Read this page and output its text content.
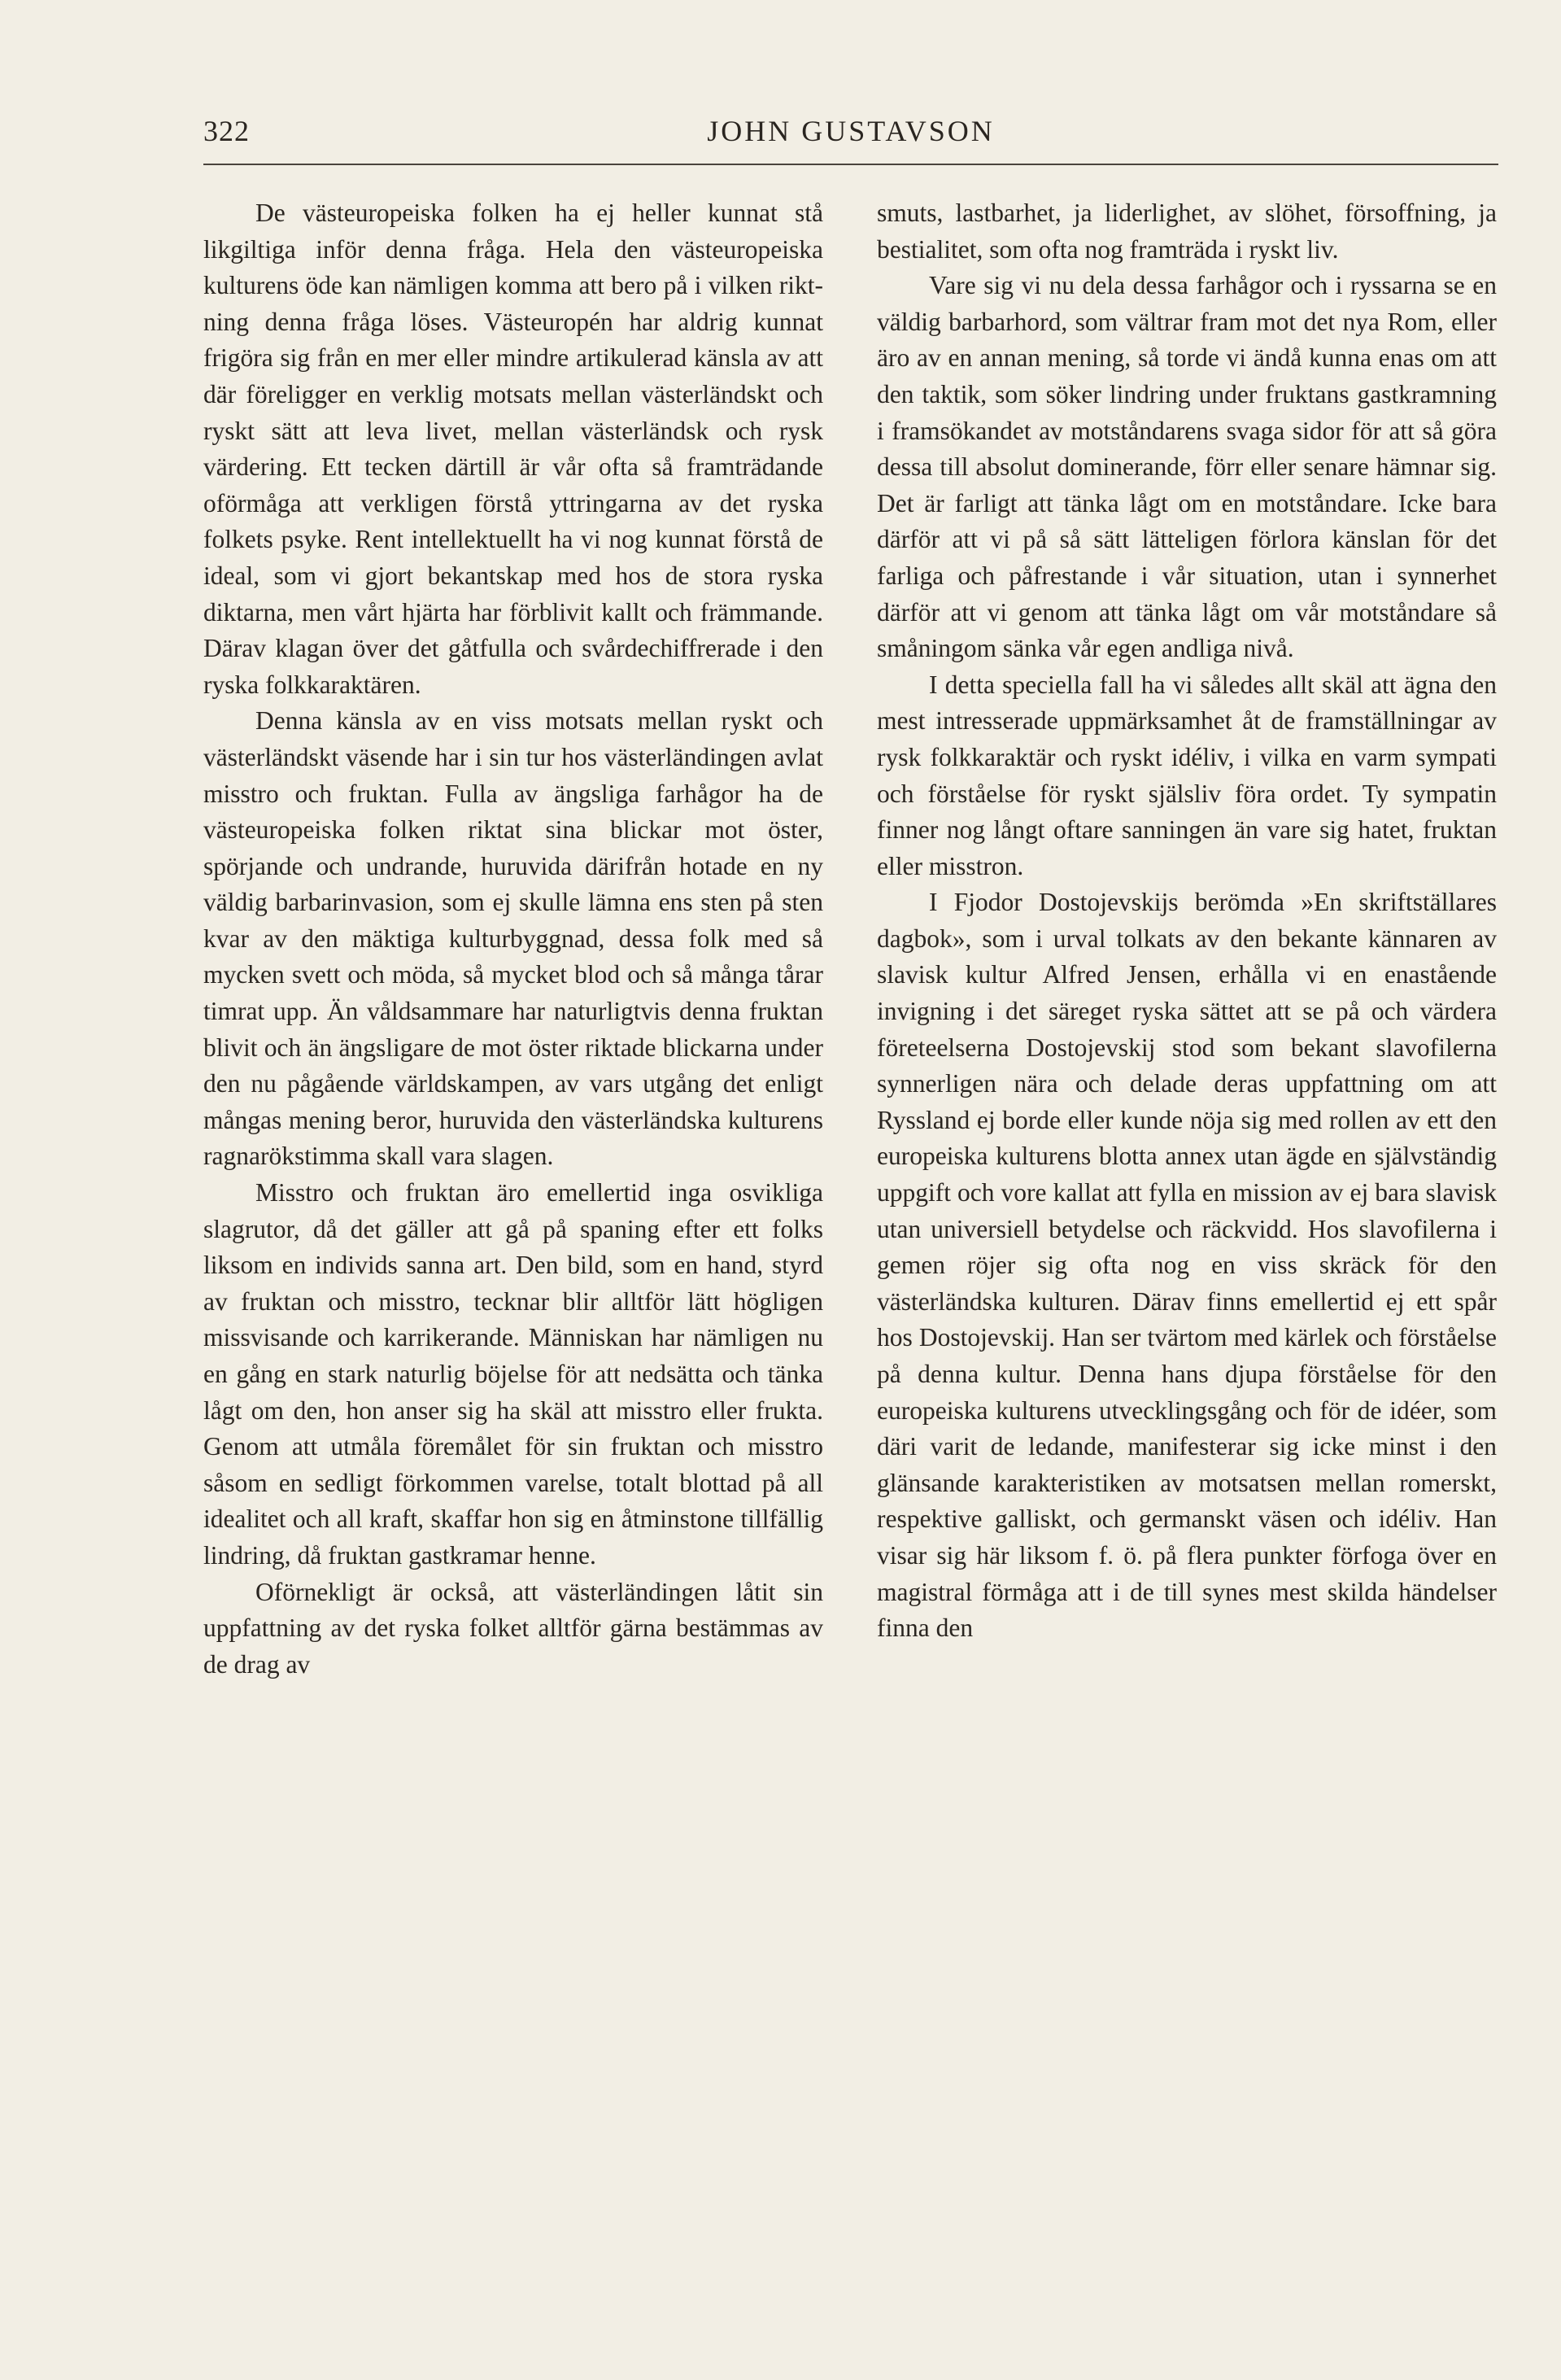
322	JOHN GUSTAVSON

De västeuropeiska folken ha ej heller kunnat stå likgiltiga inför denna fråga. Hela den västeuropeiska kulturens öde kan nämligen komma att bero på i vilken riktning denna fråga löses. Västeuropén har aldrig kunnat frigöra sig från en mer eller mindre artikulerad känsla av att där föreligger en verklig motsats mellan västerländskt och ryskt sätt att leva livet, mellan västerländsk och rysk värdering. Ett tecken därtill är vår ofta så framträdande oförmåga att verkligen förstå yttringarna av det ryska folkets psyke. Rent intellektuellt ha vi nog kunnat förstå de ideal, som vi gjort bekantskap med hos de stora ryska diktarna, men vårt hjärta har förblivit kallt och främmande. Därav klagan över det gåtfulla och svårdechiffrerade i den ryska folkkaraktären.

Denna känsla av en viss motsats mellan ryskt och västerländskt väsende har i sin tur hos västerländingen avlat misstro och fruktan. Fulla av ängsliga farhågor ha de västeuropeiska folken riktat sina blickar mot öster, spörjande och undrande, huruvida därifrån hotade en ny väldig barbarinvasion, som ej skulle lämna ens sten på sten kvar av den mäktiga kulturbyggnad, dessa folk med så mycken svett och möda, så mycket blod och så många tårar timrat upp. Än våldsammare har naturligtvis denna fruktan blivit och än ängsligare de mot öster riktade blickarna under den nu pågående världskampen, av vars utgång det enligt mångas mening beror, huruvida den västerländska kulturens ragnarökstimma skall vara slagen.

Misstro och fruktan äro emellertid inga osvikliga slagrutor, då det gäller att gå på spaning efter ett folks liksom en individs sanna art. Den bild, som en hand, styrd av fruktan och misstro, tecknar blir alltför lätt högligen missvisande och karrikerande. Människan har nämligen nu en gång en stark naturlig böjelse för att nedsätta och tänka lågt om den, hon anser sig ha skäl att misstro eller frukta. Genom att utmåla föremålet för sin fruktan och misstro såsom en sedligt förkommen varelse, totalt blottad på all idealitet och all kraft, skaffar hon sig en åtminstone tillfällig lindring, då fruktan gastkramar henne.

Oförnekligt är också, att västerländingen låtit sin uppfattning av det ryska folket alltför gärna bestämmas av de drag av

smuts, lastbarhet, ja liderlighet, av slöhet, försoffning, ja bestialitet, som ofta nog framträda i ryskt liv.

Vare sig vi nu dela dessa farhågor och i ryssarna se en väldig barbarhord, som vältrar fram mot det nya Rom, eller äro av en annan mening, så torde vi ändå kunna enas om att den taktik, som söker lindring under fruktans gastkramning i framsökandet av motståndarens svaga sidor för att så göra dessa till absolut dominerande, förr eller senare hämnar sig. Det är farligt att tänka lågt om en motståndare. Icke bara därför att vi på så sätt lätteligen förlora känslan för det farliga och påfrestande i vår situation, utan i synnerhet därför att vi genom att tänka lågt om vår motståndare så småningom sänka vår egen andliga nivå.

I detta speciella fall ha vi således allt skäl att ägna den mest intresserade uppmärksamhet åt de framställningar av rysk folkkaraktär och ryskt idéliv, i vilka en varm sympati och förståelse för ryskt själsliv föra ordet. Ty sympatin finner nog långt oftare sanningen än vare sig hatet, fruktan eller misstron.

I Fjodor Dostojevskijs berömda »En skriftställares dagbok», som i urval tolkats av den bekante kännaren av slavisk kultur Alfred Jensen, erhålla vi en enastående invigning i det säreget ryska sättet att se på och värdera företeelserna Dostojevskij stod som bekant slavofilerna synnerligen nära och delade deras uppfattning om att Ryssland ej borde eller kunde nöja sig med rollen av ett den europeiska kulturens blotta annex utan ägde en självständig uppgift och vore kallat att fylla en mission av ej bara slavisk utan universiell betydelse och räckvidd. Hos slavofilerna i gemen röjer sig ofta nog en viss skräck för den västerländska kulturen. Därav finns emellertid ej ett spår hos Dostojevskij. Han ser tvärtom med kärlek och förståelse på denna kultur. Denna hans djupa förståelse för den europeiska kulturens utvecklingsgång och för de idéer, som däri varit de ledande, manifesterar sig icke minst i den glänsande karakteristiken av motsatsen mellan romerskt, respektive galliskt, och germanskt väsen och idéliv. Han visar sig här liksom f. ö. på flera punkter förfoga över en magistral förmåga att i de till synes mest skilda händelser finna den
